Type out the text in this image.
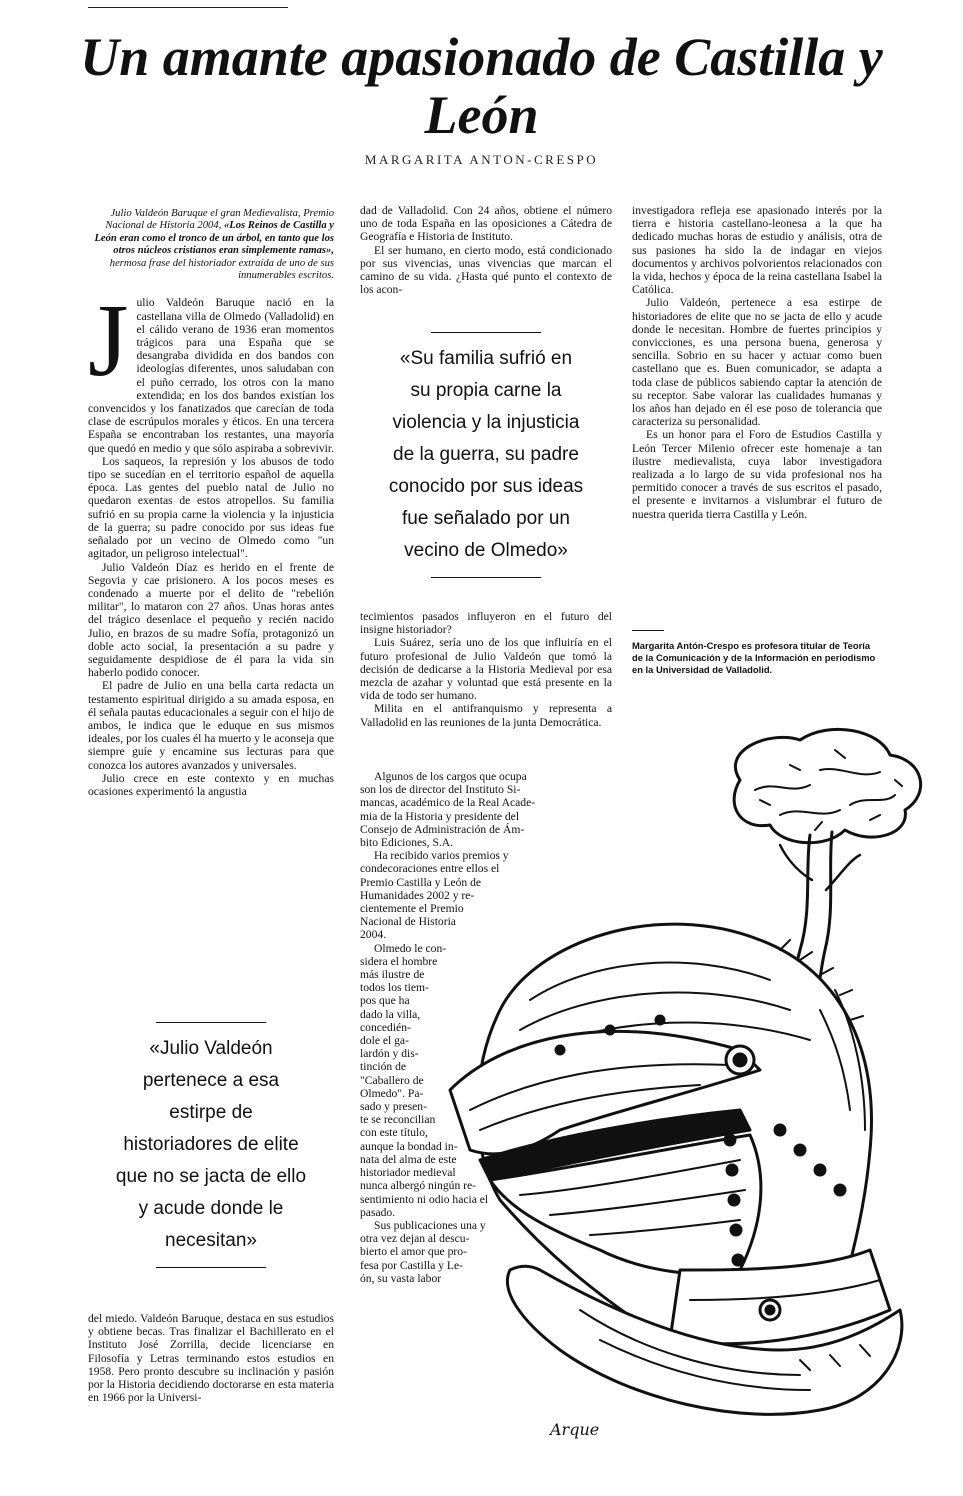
Un amante apasionado de Castilla y León
MARGARITA ANTON-CRESPO
Julio Valdeón Baruque el gran Medievalista, Premio Nacional de Historia 2004, «Los Reinos de Castilla y León eran como el tronco de un árbol, en tanto que los otros núcleos cristianos eran simplemente ramas», hermosa frase del historiador extraída de uno de sus innumerables escritos.

Julio Valdeón Baruque nació en la castellana villa de Olmedo (Valladolid) en el cálido verano de 1936 eran momentos trágicos para una España que se desangraba dividida en dos bandos con ideologías diferentes, unos saludaban con el puño cerrado, los otros con la mano extendida; en los dos bandos existían los convencidos y los fanatizados que carecían de toda clase de escrúpulos morales y éticos. En una tercera España se encontraban los restantes, una mayoría que quedó en medio y que sólo aspiraba a sobrevivir.

Los saqueos, la represión y los abusos de todo tipo se sucedían en el territorio español de aquella época. Las gentes del pueblo natal de Julio no quedaron exentas de estos atropellos. Su familia sufrió en su propia carne la violencia y la injusticia de la guerra; su padre conocido por sus ideas fue señalado por un vecino de Olmedo como "un agitador, un peligroso intelectual".

Julio Valdeón Díaz es herido en el frente de Segovia y cae prisionero. A los pocos meses es condenado a muerte por el delito de "rebelión militar", lo mataron con 27 años. Unas horas antes del trágico desenlace el pequeño y recién nacido Julio, en brazos de su madre Sofía, protagonizó un doble acto social, la presentación a su padre y seguidamente despidiose de él para la vida sin haberlo podido conocer.

El padre de Julio en una bella carta redacta un testamento espiritual dirigido a su amada esposa, en él señala pautas educacionales a seguir con el hijo de ambos, le indica que le eduque en sus mismos ideales, por los cuales él ha muerto y le aconseja que siempre guíe y encamine sus lecturas para que conozca los autores avanzados y universales.

Julio crece en este contexto y en muchas ocasiones experimentó la angustia

«Julio Valdeón
pertenece a esa
estirpe de
historiadores de elite
que no se jacta de ello
y acude donde le
necesitan»

del miedo. Valdeón Baruque, destaca en sus estudios y obtiene becas. Tras finalizar el Bachillerato en el Instituto José Zorrilla, decide licenciarse en Filosofía y Letras terminando estos estudios en 1958. Pero pronto descubre su inclinación y pasión por la Historia decidiendo doctorarse en esta materia en 1966 por la Universi-

dad de Valladolid. Con 24 años, obtiene el número uno de toda España en las oposiciones a Cátedra de Geografía e Historia de Instituto.

El ser humano, en cierto modo, está condicionado por sus vivencias, unas vivencias que marcan el camino de su vida. ¿Hasta qué punto el contexto de los acon-

«Su familia sufrió en
su propia carne la
violencia y la injusticia
de la guerra, su padre
conocido por sus ideas
fue señalado por un
vecino de Olmedo»

tecimientos pasados influyeron en el futuro del insigne historiador?

Luis Suárez, sería uno de los que influiría en el futuro profesional de Julio Valdeón que tomó la decisión de dedicarse a la Historia Medieval por esa mezcla de azahar y voluntad que está presente en la vida de todo ser humano.

Milita en el antifranquismo y representa a Valladolid en las reuniones de la junta Democrática.

Algunos de los cargos que ocupa
son los de director del Instituto Si-
mancas, académico de la Real Acade-
mia de la Historia y presidente del
Consejo de Administración de Ám-
bito Ediciones, S.A.
Ha recibido varios premios y
condecoraciones entre ellos el
Premio Castilla y León de
Humanidades 2002 y re-
cientemente el Premio
Nacional de Historia
2004.
Olmedo le con-
sidera el hombre
más ilustre de
todos los tiem-
pos que ha
dado la villa,
concedién-
dole el ga-
lardón y dis-
tinción de
"Caballero de
Olmedo". Pa-
sado y presen-
te se reconcilian
con este título,
aunque la bondad in-
nata del alma de este
historiador medieval
nunca albergó ningún re-
sentimiento ni odio hacia el
pasado.
Sus publicaciones una y
otra vez dejan al descu-
bierto el amor que pro-
fesa por Castilla y Le-
ón, su vasta labor

investigadora refleja ese apasionado interés por la tierra e historia castellano-leonesa a la que ha dedicado muchas horas de estudio y análisis, otra de sus pasiones ha sido la de indagar en viejos documentos y archivos polvorientos relacionados con la vida, hechos y época de la reina castellana Isabel la Católica.

Julio Valdeón, pertenece a esa estirpe de historiadores de elite que no se jacta de ello y acude donde le necesitan. Hombre de fuertes principios y convicciones, es una persona buena, generosa y sencilla. Sobrio en su hacer y actuar como buen castellano que es. Buen comunicador, se adapta a toda clase de públicos sabiendo captar la atención de su receptor. Sabe valorar las cualidades humanas y los años han dejado en él ese poso de tolerancia que caracteriza su personalidad.

Es un honor para el Foro de Estudios Castilla y León Tercer Milenio ofrecer este homenaje a tan ilustre medievalista, cuya labor investigadora realizada a lo largo de su vida profesional nos ha permitido conocer a través de sus escritos el pasado, el presente e invitarnos a vislumbrar el futuro de nuestra querida tierra Castilla y León.

Margarita Antón-Crespo es profesora titular de Teoría de la Comunicación y de la Información en periodismo en la Universidad de Valladolid.
Arque
